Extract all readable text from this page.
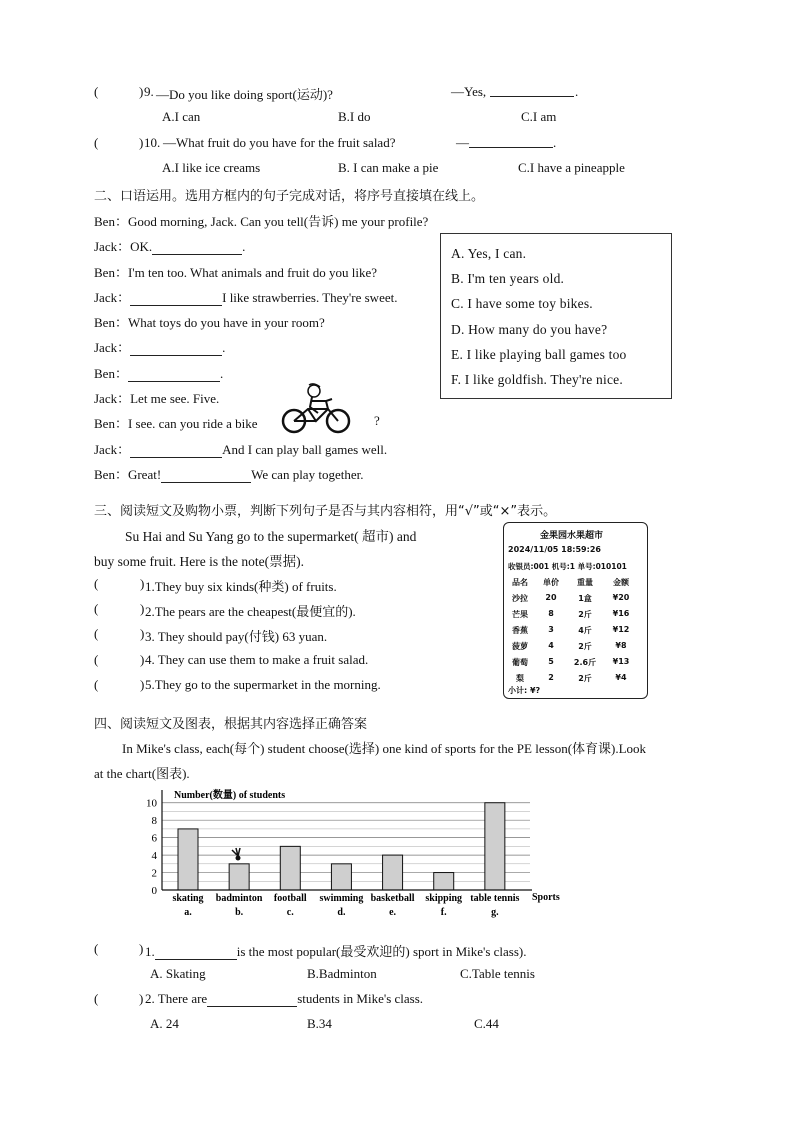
(	) 9. —Do you like doing sport(运动)?	—Yes,	.
A.I can	B.I do	C.I am
(	) 10. —What fruit do you have for the fruit salad?	—	.
A.I like ice creams	B. I can make a pie	C.I have a pineapple
二、口语运用。选用方框内的句子完成对话，将序号直接填在线上。
Ben：Good morning, Jack. Can you tell(告诉) me your profile?
Jack：OK.	.
Ben：I'm ten too. What animals and fruit do you like?
Jack：	I like strawberries. They're sweet.
Ben：What toys do you have in your room?
Jack：	.
Ben：	.
Jack：Let me see. Five.
Ben：I see. can you ride a bike	?
Jack：	And I can play ball games well.
Ben：Great!	We can play together.
A. Yes, I can.
B. I'm ten years old.
C. I have some toy bikes.
D. How many do you have?
E. I like playing ball games too
F. I like goldfish. They're nice.
三、阅读短文及购物小票，判断下列句子是否与其内容相符，用“√”或“×”表示。
Su Hai and Su Yang go to the supermarket( 超市) and
buy some fruit. Here is the note(票据).
(	) 1.They buy six kinds(种类) of fruits.
(	) 2.The pears are the cheapest(最便宜的).
(	) 3. They should pay(付钱) 63 yuan.
(	) 4. They can use them to make a fruit salad.
(	) 5.They go to the supermarket in the morning.
金果园水果超市
2024/11/05 18:59:26
收银员:001 机号:1 单号:010101
品名	单价	重量	金额
沙拉	20	1盒	¥20
芒果	8	2斤	¥16
香蕉	3	4斤	¥12
菠萝	4	2斤	¥8
葡萄	5	2.6斤	¥13
梨	2	2斤	¥4
小计: ¥?
四、阅读短文及图表，根据其内容选择正确答案
In Mike's class, each(每个) student choose(选择) one kind of sports for the PE lesson(体育课).Look
at the chart(图表).
0
2
4
6
8
10
skating
a.
badminton
b.
football
c.
swimming
d.
basketball
e.
skipping
f.
table tennis
g.
Number(数量) of students
Sports
(	) 1.	is the most popular(最受欢迎的) sport in Mike's class).
A. Skating	B.Badminton	C.Table tennis
(	) 2. There are	students in Mike's class.
A. 24	B.34	C.44
